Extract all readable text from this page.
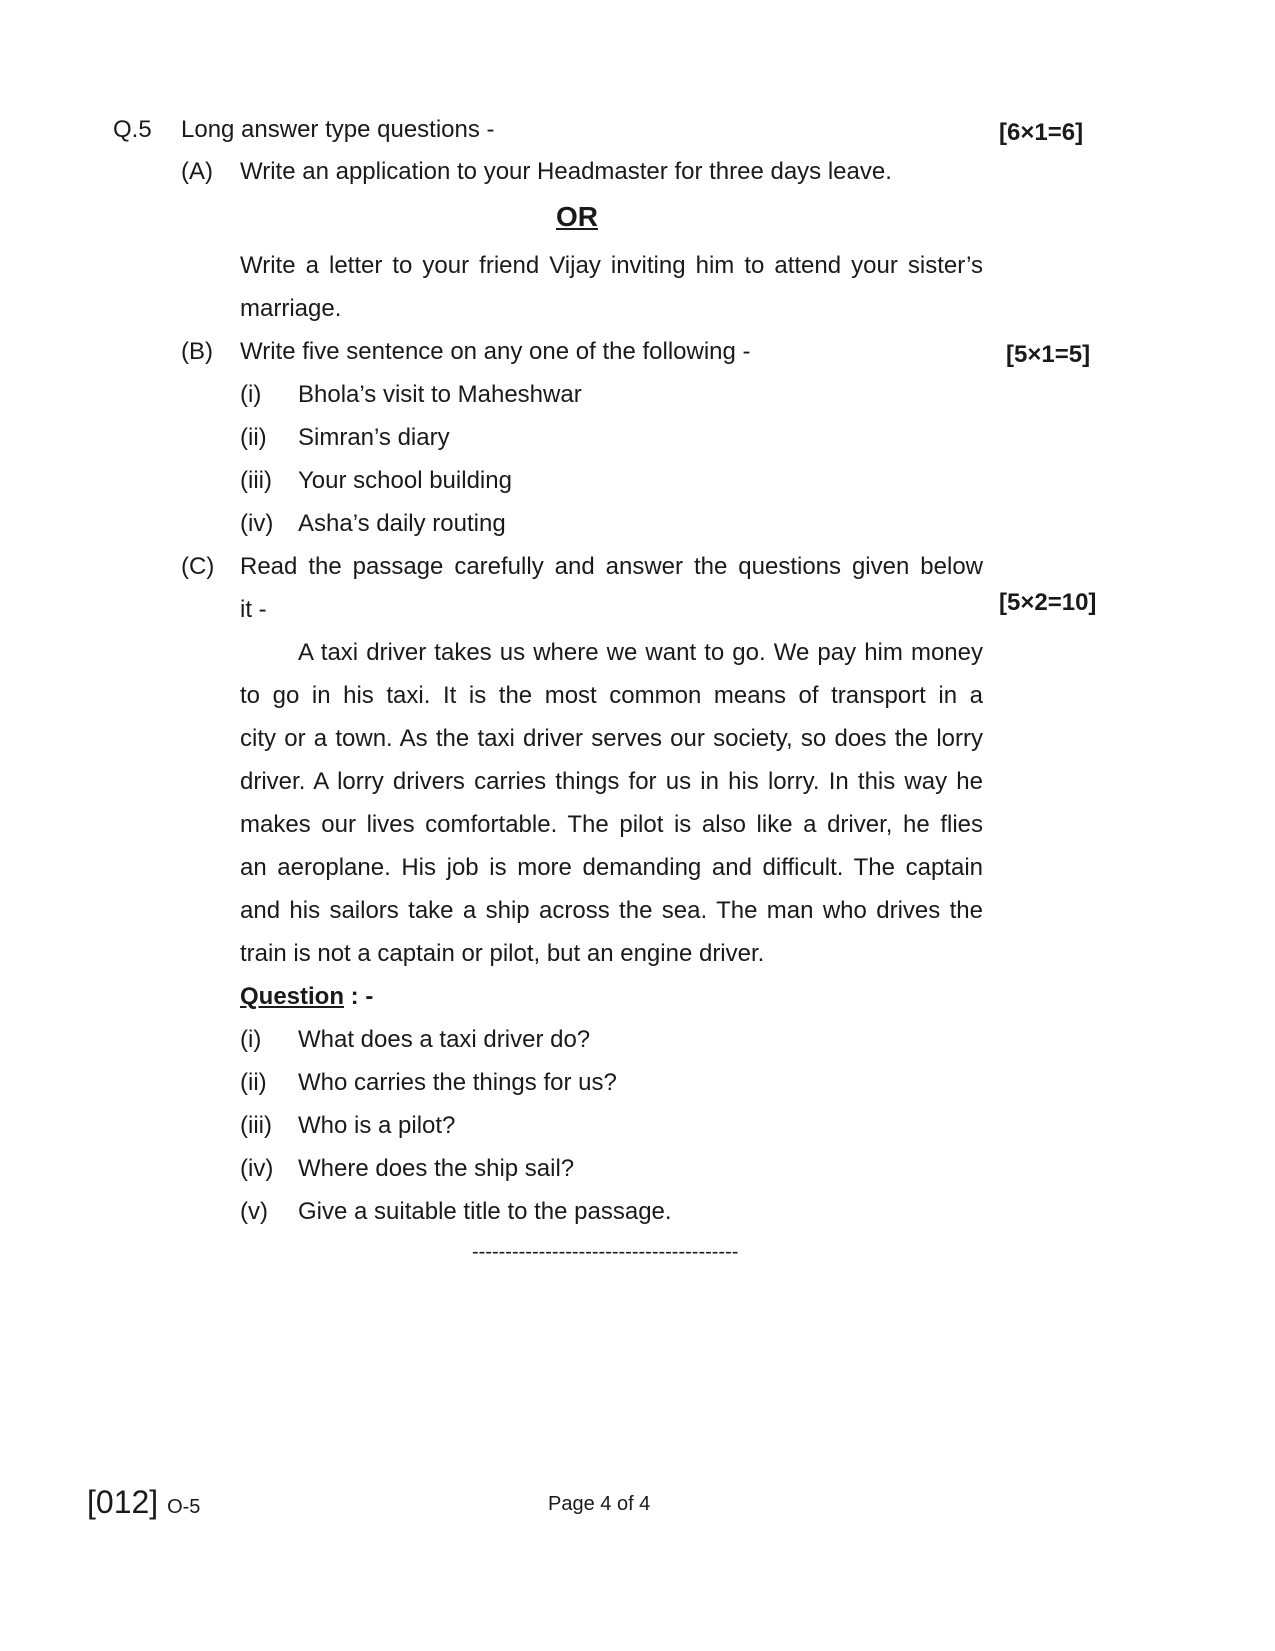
Q.5 Long answer type questions -	[6×1=6]
(A) Write an application to your Headmaster for three days leave.
OR
Write a letter to your friend Vijay inviting him to attend your sister’s
marriage.
(B) Write five sentence on any one of the following -	[5×1=5]
(i) Bhola’s visit to Maheshwar
(ii) Simran’s diary
(iii) Your school building
(iv) Asha’s daily routing
(C) Read the passage carefully and answer the questions given below
it -	[5×2=10]
A taxi driver takes us where we want to go. We pay him money
to go in his taxi. It is the most common means of transport in a
city or a town. As the taxi driver serves our society, so does the lorry
driver. A lorry drivers carries things for us in his lorry. In this way he
makes our lives comfortable. The pilot is also like a driver, he flies
an aeroplane. His job is more demanding and difficult. The captain
and his sailors take a ship across the sea. The man who drives the
train is not a captain or pilot, but an engine driver.
Question : -
(i) What does a taxi driver do?
(ii) Who carries the things for us?
(iii) Who is a pilot?
(iv) Where does the ship sail?
(v) Give a suitable title to the passage.
----------------------------------------
[012] O-5	Page 4 of 4
